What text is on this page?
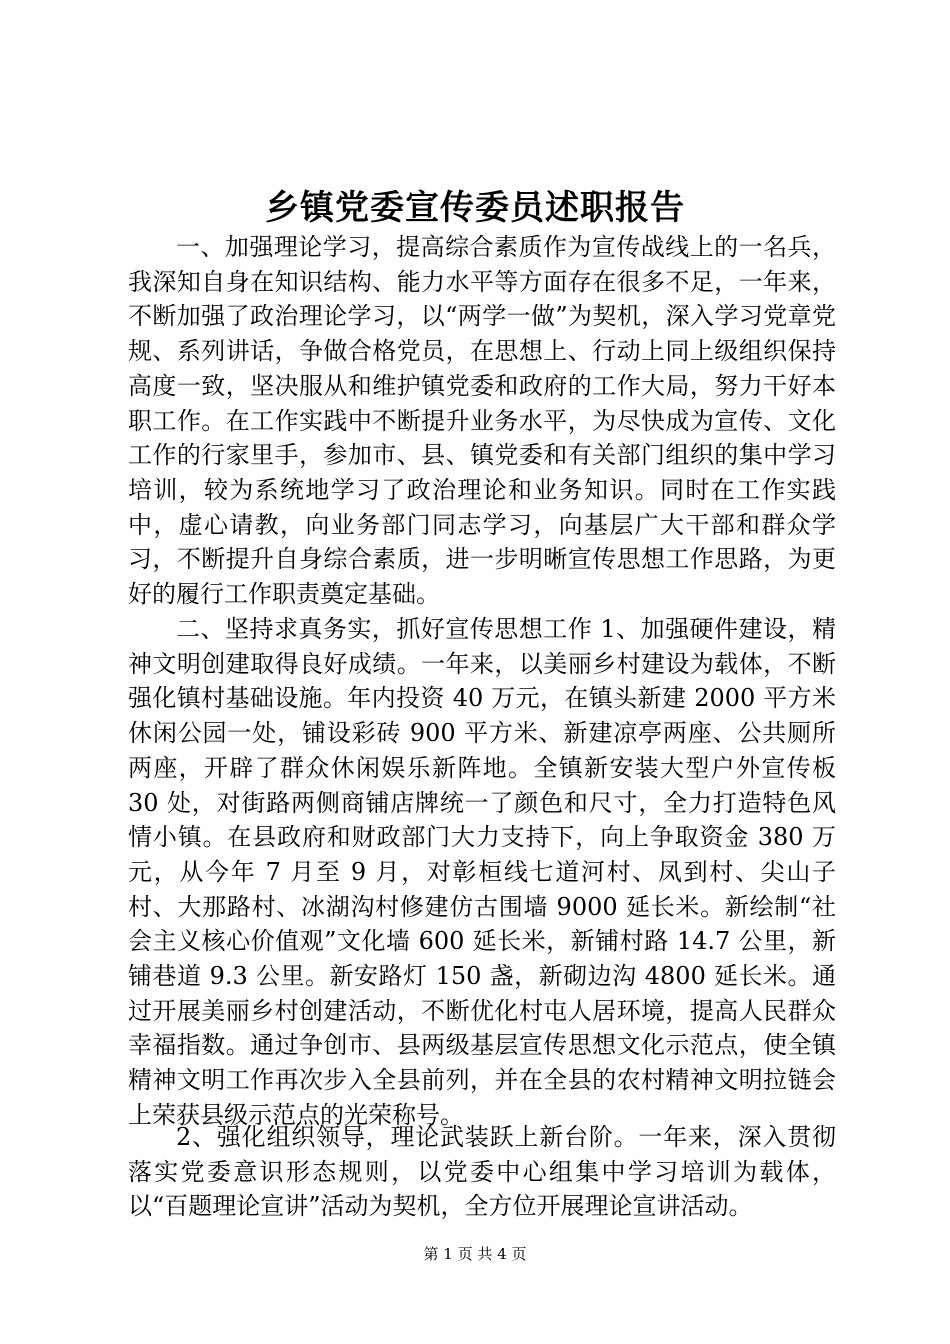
乡镇党委宣传委员述职报告

一、加强理论学习，提高综合素质作为宣传战线上的一名兵，我深知自身在知识结构、能力水平等方面存在很多不足，一年来，不断加强了政治理论学习，以“两学一做”为契机，深入学习党章党规、系列讲话，争做合格党员，在思想上、行动上同上级组织保持高度一致，坚决服从和维护镇党委和政府的工作大局，努力干好本职工作。在工作实践中不断提升业务水平，为尽快成为宣传、文化工作的行家里手，参加市、县、镇党委和有关部门组织的集中学习培训，较为系统地学习了政治理论和业务知识。同时在工作实践中，虚心请教，向业务部门同志学习，向基层广大干部和群众学习，不断提升自身综合素质，进一步明晰宣传思想工作思路，为更好的履行工作职责奠定基础。

二、坚持求真务实，抓好宣传思想工作 1、加强硬件建设，精神文明创建取得良好成绩。一年来，以美丽乡村建设为载体，不断强化镇村基础设施。年内投资 40 万元，在镇头新建 2000 平方米休闲公园一处，铺设彩砖 900 平方米、新建凉亭两座、公共厕所两座，开辟了群众休闲娱乐新阵地。全镇新安装大型户外宣传板 30 处，对街路两侧商铺店牌统一了颜色和尺寸，全力打造特色风情小镇。在县政府和财政部门大力支持下，向上争取资金 380 万元，从今年 7 月至 9 月，对彰桓线七道河村、凤到村、尖山子村、大那路村、冰湖沟村修建仿古围墙 9000 延长米。新绘制“社会主义核心价值观”文化墙 600 延长米，新铺村路 14.7 公里，新铺巷道 9.3 公里。新安路灯 150 盏，新砌边沟 4800 延长米。通过开展美丽乡村创建活动，不断优化村屯人居环境，提高人民群众幸福指数。通过争创市、县两级基层宣传思想文化示范点，使全镇精神文明工作再次步入全县前列，并在全县的农村精神文明拉链会上荣获县级示范点的光荣称号。

2、强化组织领导，理论武装跃上新台阶。一年来，深入贯彻落实党委意识形态规则，以党委中心组集中学习培训为载体，以“百题理论宣讲”活动为契机，全方位开展理论宣讲活动。

第 1 页 共 4 页
